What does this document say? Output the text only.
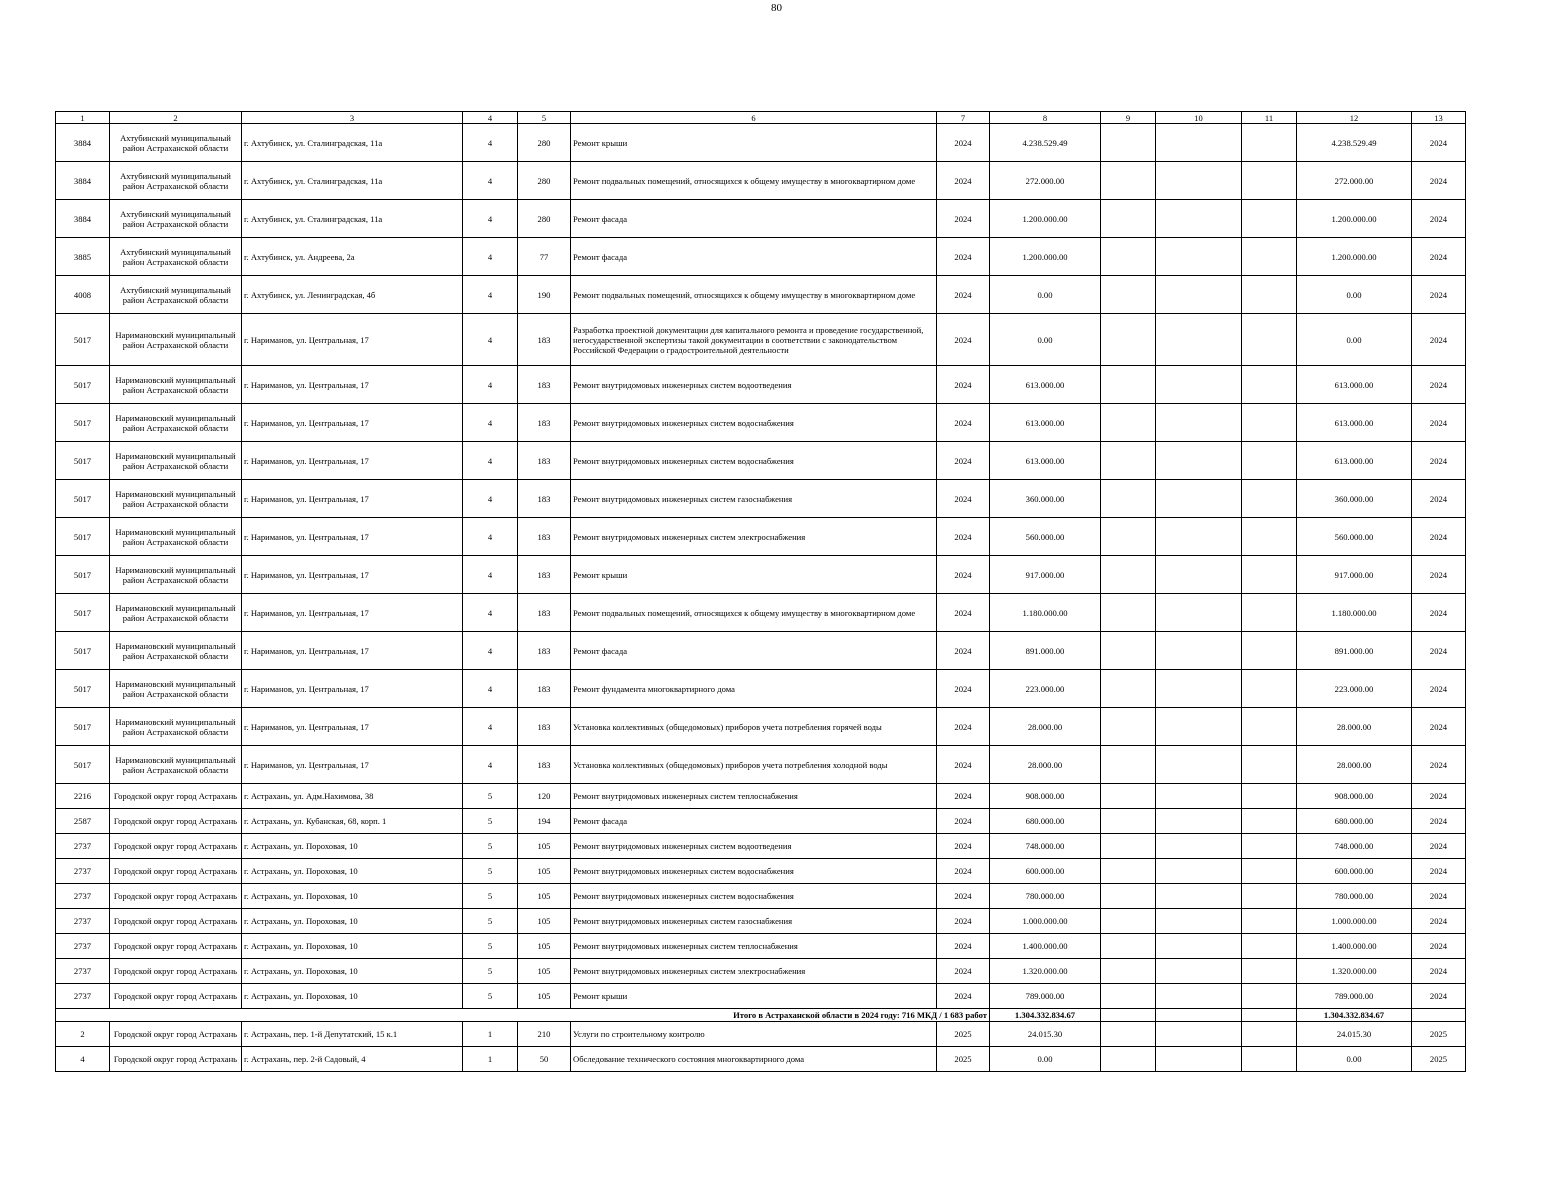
80
1	2	3	4	5	6	7	8	9	10	11	12	13
3884	Ахтубинский муниципальный район Астраханской области	г. Ахтубинск, ул. Сталинградская, 11а	4	280	Ремонт крыши	2024	4.238.529.49				4.238.529.49	2024
3884	Ахтубинский муниципальный район Астраханской области	г. Ахтубинск, ул. Сталинградская, 11а	4	280	Ремонт подвальных помещений, относящихся к общему имуществу в многоквартирном доме	2024	272.000.00				272.000.00	2024
3884	Ахтубинский муниципальный район Астраханской области	г. Ахтубинск, ул. Сталинградская, 11а	4	280	Ремонт фасада	2024	1.200.000.00				1.200.000.00	2024
3885	Ахтубинский муниципальный район Астраханской области	г. Ахтубинск, ул. Андреева, 2а	4	77	Ремонт фасада	2024	1.200.000.00				1.200.000.00	2024
4008	Ахтубинский муниципальный район Астраханской области	г. Ахтубинск, ул. Ленинградская, 4б	4	190	Ремонт подвальных помещений, относящихся к общему имуществу в многоквартирном доме	2024	0.00				0.00	2024
5017	Наримановский муниципальный район Астраханской области	г. Нариманов, ул. Центральная, 17	4	183	Разработка проектной документации для капитального ремонта и проведение государственной, негосударственной экспертизы такой документации в соответствии с законодательством Российской Федерации о градостроительной деятельности	2024	0.00				0.00	2024
5017	Наримановский муниципальный район Астраханской области	г. Нариманов, ул. Центральная, 17	4	183	Ремонт внутридомовых инженерных систем водоотведения	2024	613.000.00				613.000.00	2024
5017	Наримановский муниципальный район Астраханской области	г. Нариманов, ул. Центральная, 17	4	183	Ремонт внутридомовых инженерных систем водоснабжения	2024	613.000.00				613.000.00	2024
5017	Наримановский муниципальный район Астраханской области	г. Нариманов, ул. Центральная, 17	4	183	Ремонт внутридомовых инженерных систем водоснабжения	2024	613.000.00				613.000.00	2024
5017	Наримановский муниципальный район Астраханской области	г. Нариманов, ул. Центральная, 17	4	183	Ремонт внутридомовых инженерных систем газоснабжения	2024	360.000.00				360.000.00	2024
5017	Наримановский муниципальный район Астраханской области	г. Нариманов, ул. Центральная, 17	4	183	Ремонт внутридомовых инженерных систем электроснабжения	2024	560.000.00				560.000.00	2024
5017	Наримановский муниципальный район Астраханской области	г. Нариманов, ул. Центральная, 17	4	183	Ремонт крыши	2024	917.000.00				917.000.00	2024
5017	Наримановский муниципальный район Астраханской области	г. Нариманов, ул. Центральная, 17	4	183	Ремонт подвальных помещений, относящихся к общему имуществу в многоквартирном доме	2024	1.180.000.00				1.180.000.00	2024
5017	Наримановский муниципальный район Астраханской области	г. Нариманов, ул. Центральная, 17	4	183	Ремонт фасада	2024	891.000.00				891.000.00	2024
5017	Наримановский муниципальный район Астраханской области	г. Нариманов, ул. Центральная, 17	4	183	Ремонт фундамента многоквартирного дома	2024	223.000.00				223.000.00	2024
5017	Наримановский муниципальный район Астраханской области	г. Нариманов, ул. Центральная, 17	4	183	Установка коллективных (общедомовых) приборов учета потребления горячей воды	2024	28.000.00				28.000.00	2024
5017	Наримановский муниципальный район Астраханской области	г. Нариманов, ул. Центральная, 17	4	183	Установка коллективных (общедомовых) приборов учета потребления холодной воды	2024	28.000.00				28.000.00	2024
2216	Городской округ город Астрахань	г. Астрахань, ул. Адм.Нахимова, 38	5	120	Ремонт внутридомовых инженерных систем теплоснабжения	2024	908.000.00				908.000.00	2024
2587	Городской округ город Астрахань	г. Астрахань, ул. Кубанская, 68, корп. 1	5	194	Ремонт фасада	2024	680.000.00				680.000.00	2024
2737	Городской округ город Астрахань	г. Астрахань, ул. Пороховая, 10	5	105	Ремонт внутридомовых инженерных систем водоотведения	2024	748.000.00				748.000.00	2024
2737	Городской округ город Астрахань	г. Астрахань, ул. Пороховая, 10	5	105	Ремонт внутридомовых инженерных систем водоснабжения	2024	600.000.00				600.000.00	2024
2737	Городской округ город Астрахань	г. Астрахань, ул. Пороховая, 10	5	105	Ремонт внутридомовых инженерных систем водоснабжения	2024	780.000.00				780.000.00	2024
2737	Городской округ город Астрахань	г. Астрахань, ул. Пороховая, 10	5	105	Ремонт внутридомовых инженерных систем газоснабжения	2024	1.000.000.00				1.000.000.00	2024
2737	Городской округ город Астрахань	г. Астрахань, ул. Пороховая, 10	5	105	Ремонт внутридомовых инженерных систем теплоснабжения	2024	1.400.000.00				1.400.000.00	2024
2737	Городской округ город Астрахань	г. Астрахань, ул. Пороховая, 10	5	105	Ремонт внутридомовых инженерных систем электроснабжения	2024	1.320.000.00				1.320.000.00	2024
2737	Городской округ город Астрахань	г. Астрахань, ул. Пороховая, 10	5	105	Ремонт крыши	2024	789.000.00				789.000.00	2024
Итого в Астраханской области в 2024 году: 716 МКД / 1 683 работ							1.304.332.834.67				1.304.332.834.67	
2	Городской округ город Астрахань	г. Астрахань, пер. 1-й Депутатский, 15 к.1	1	210	Услуги по строительному контролю	2025	24.015.30				24.015.30	2025
4	Городской округ город Астрахань	г. Астрахань, пер. 2-й Садовый, 4	1	50	Обследование технического состояния многоквартирного дома	2025	0.00				0.00	2025
